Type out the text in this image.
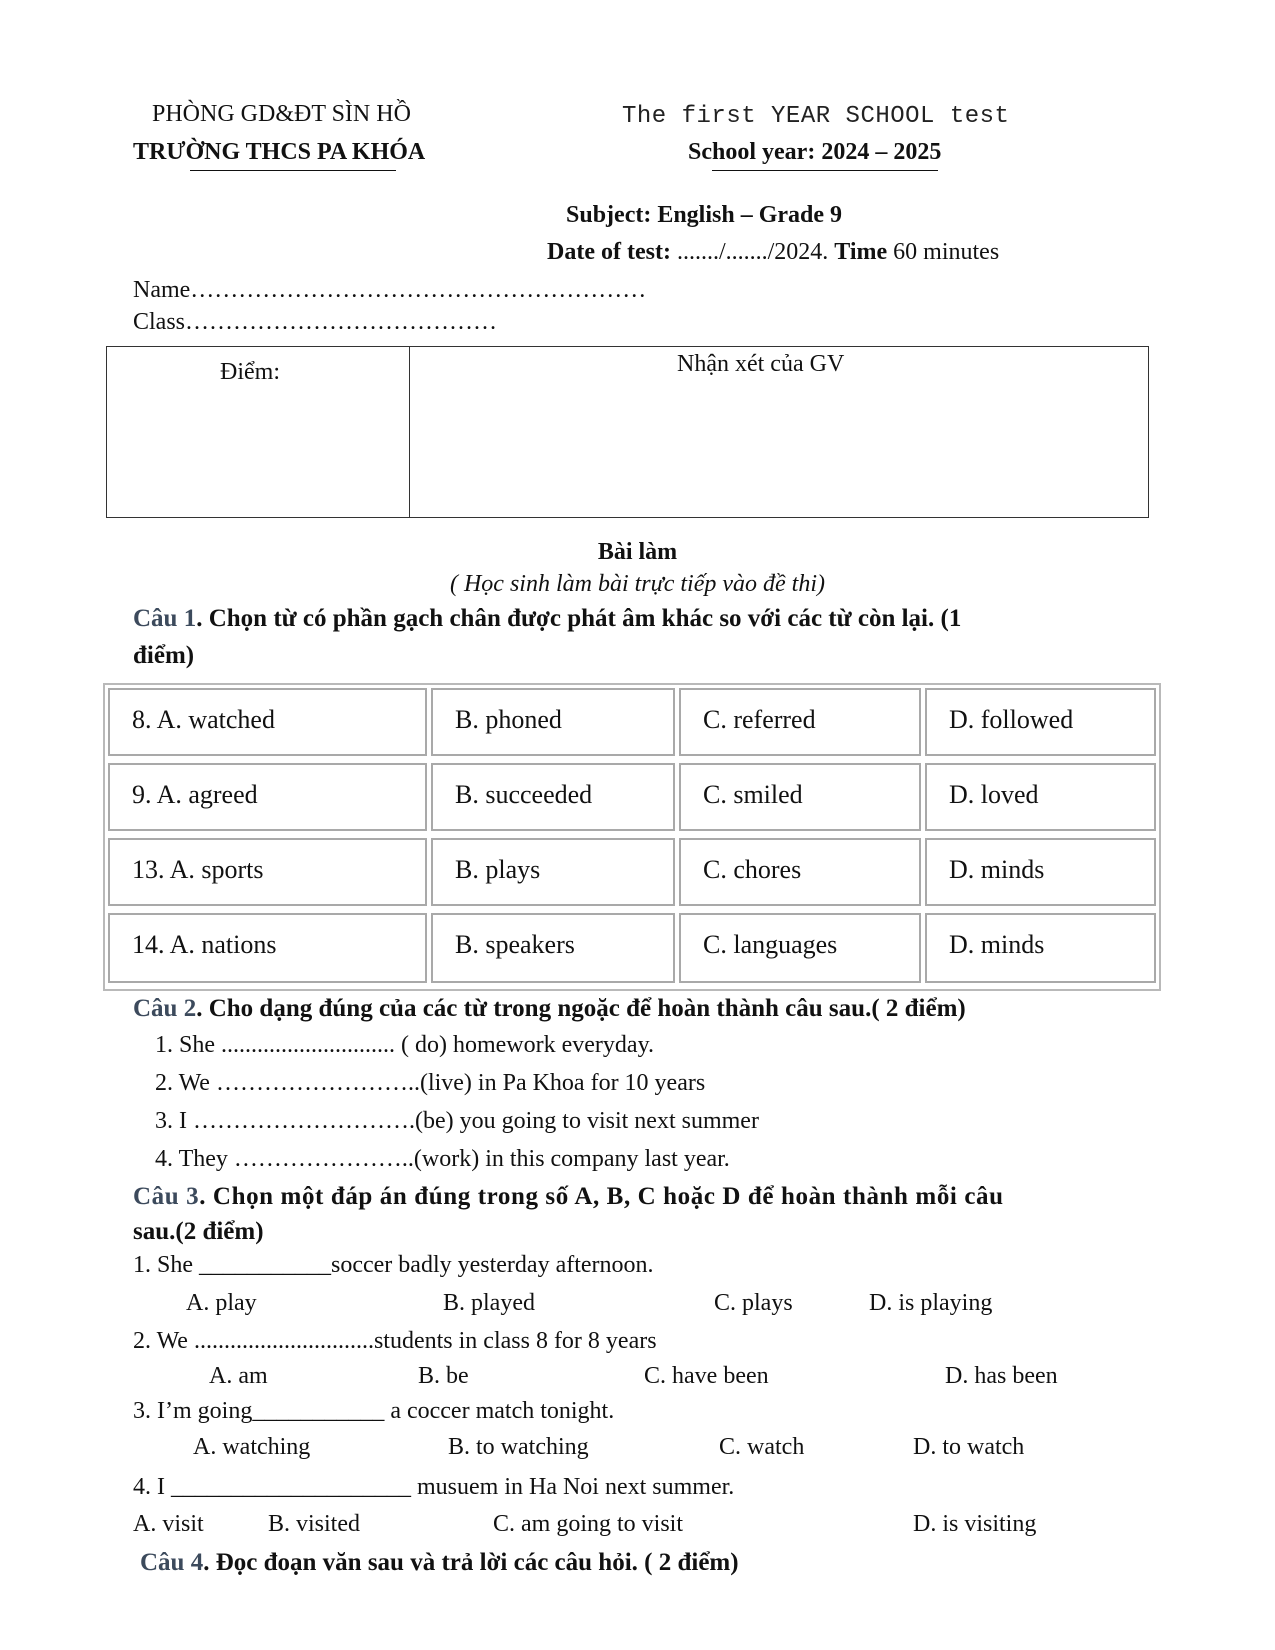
PHÒNG GD&ĐT SÌN HỒ
TRƯỜNG THCS PA KHÓA
The first YEAR SCHOOL test
School year: 2024 – 2025
Subject: English – Grade 9
Date of test: ......./......./2024. Time 60 minutes
Name…………………………………………………
Class…………………………………
Điểm:	Nhận xét của GV
Bài làm
( Học sinh làm bài trực tiếp vào đề thi)
Câu 1. Chọn từ có phần gạch chân được phát âm khác so với các từ còn lại. (1
điểm)
8. A. watched	B. phoned	C. referred	D. followed
9. A. agreed	B. succeeded	C. smiled	D. loved
13. A. sports	B. plays	C. chores	D. minds
14. A. nations	B. speakers	C. languages	D. minds
Câu 2. Cho dạng đúng của các từ trong ngoặc để hoàn thành câu sau.( 2 điểm)
1. She ............................. ( do) homework everyday.
2. We ……………………..(live) in Pa Khoa for 10 years
3. I ……………………….(be) you going to visit next summer
4. They …………………..(work) in this company last year.
Câu 3. Chọn một đáp án đúng trong số A, B, C hoặc D để hoàn thành mỗi câu
sau.(2 điểm)
1. She ___________soccer badly yesterday afternoon.
A. play	B. played	C. plays	D. is playing
2. We ..............................students in class 8 for 8 years
A. am	B. be	C. have been	D. has been
3. I’m going___________ a coccer match tonight.
A. watching	B. to watching	C. watch	D. to watch
4. I ____________________ musuem in Ha Noi next summer.
A. visit	B. visited	C. am going to visit	D. is visiting
Câu 4. Đọc đoạn văn sau và trả lời các câu hỏi. ( 2 điểm)
